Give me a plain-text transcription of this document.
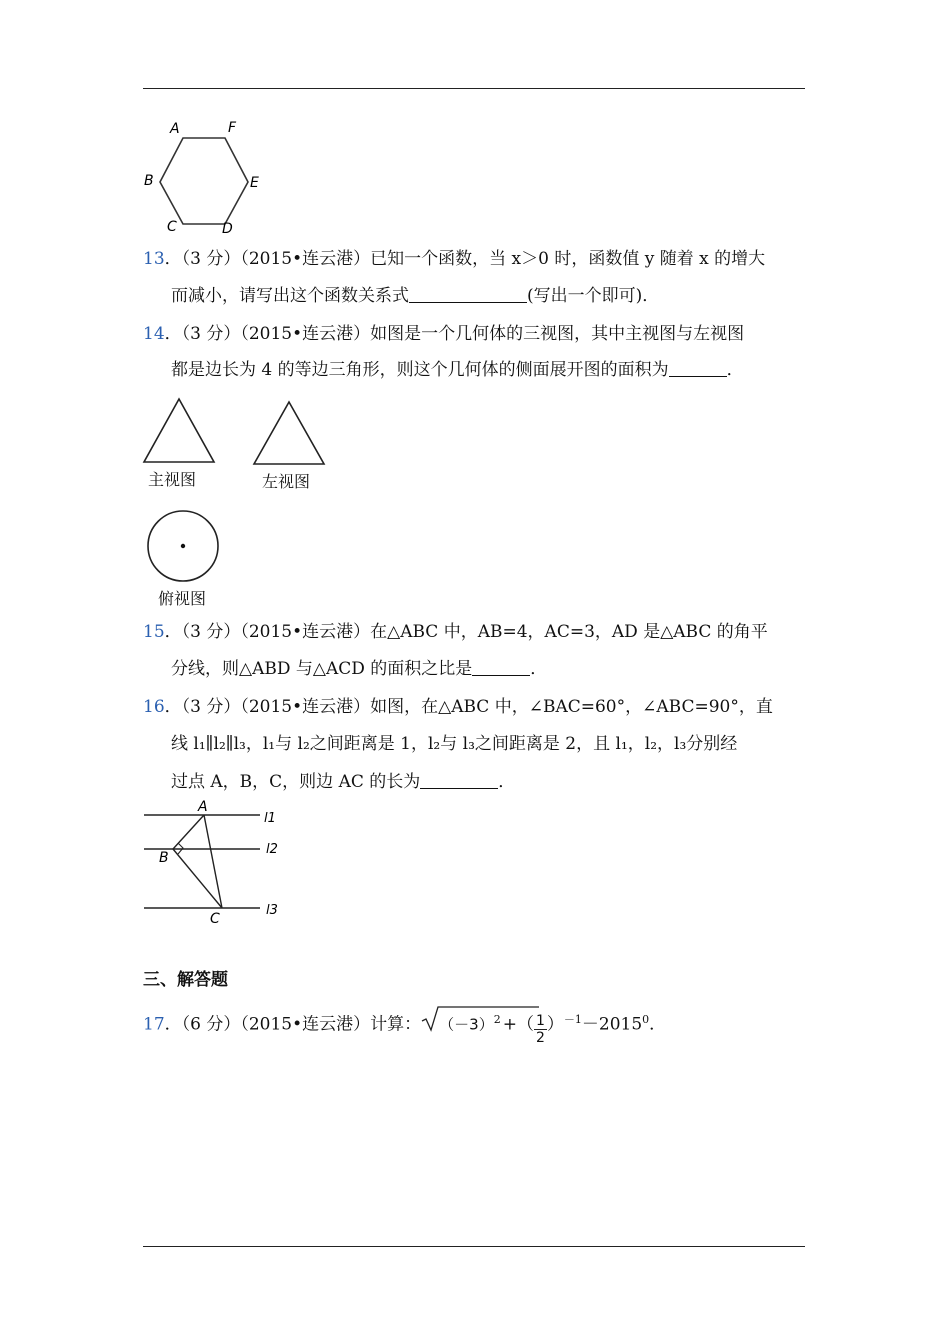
A	F
B	E
C	D
13．（3 分）（2015•连云港）已知一个函数，当 x＞0 时，函数值 y 随着 x 的增大
而减小，请写出这个函数关系式	(写出一个即可)．
14．（3 分）（2015•连云港）如图是一个几何体的三视图，其中主视图与左视图
都是边长为 4 的等边三角形，则这个几何体的侧面展开图的面积为	．
主视图	左视图
俯视图
15．（3 分）（2015•连云港）在△ABC 中，AB=4，AC=3，AD 是△ABC 的角平
分线，则△ABD 与△ACD 的面积之比是	．
16．（3 分）（2015•连云港）如图，在△ABC 中，∠BAC=60°，∠ABC=90°，直
线 l₁∥l₂∥l₃，l₁与 l₂之间距离是 1，l₂与 l₃之间距离是 2，且 l₁，l₂，l₃分别经
过点 A，B，C，则边 AC 的长为	．
A
B
C
l1
l2
l3
三、解答题
17．（6 分）（2015•连云港）计算： $(-3)^2$ +（ $\frac{1}{2} )^{-1}-2015^0$．
